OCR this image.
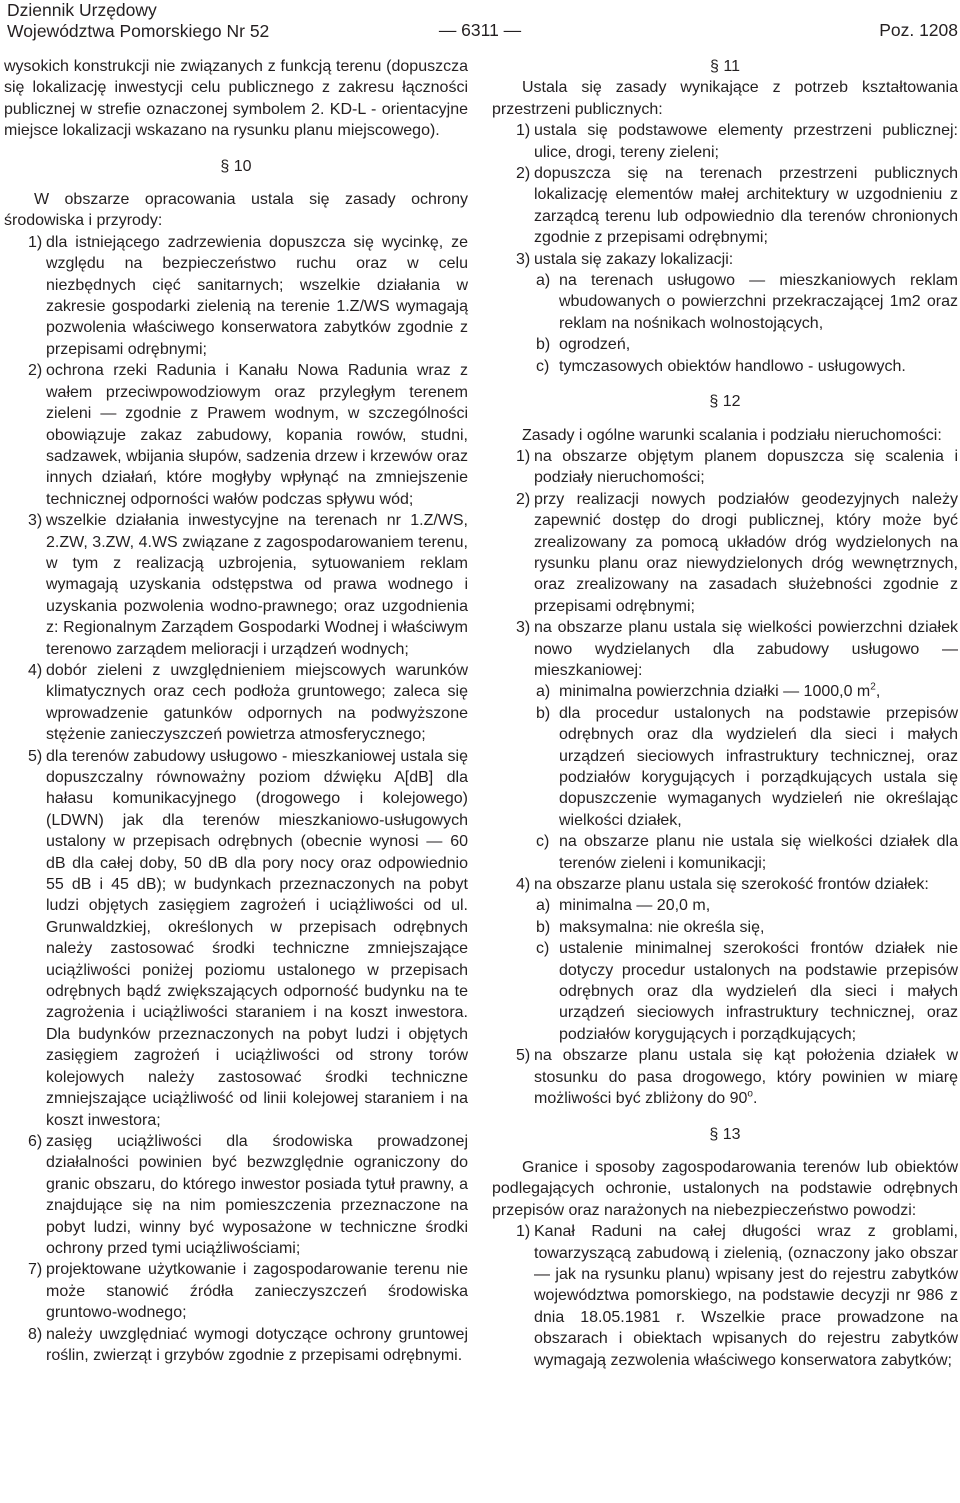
Dziennik Urzędowy
Województwa Pomorskiego Nr 52	— 6311 —	Poz. 1208

wysokich konstrukcji nie związanych z funkcją terenu (dopuszcza się lokalizację inwestycji celu publicznego z zakresu łączności publicznej w strefie oznaczonej symbolem 2. KD-L - orientacyjne miejsce lokalizacji wskazano na rysunku planu miejscowego).

§ 10

W obszarze opracowania ustala się zasady ochrony środowiska i przyrody:

1) dla istniejącego zadrzewienia dopuszcza się wycinkę, ze względu na bezpieczeństwo ruchu oraz w celu niezbędnych cięć sanitarnych; wszelkie działania w zakresie gospodarki zielenią na terenie 1.Z/WS wymagają pozwolenia właściwego konserwatora zabytków zgodnie z przepisami odrębnymi;
2) ochrona rzeki Radunia i Kanału Nowa Radunia wraz z wałem przeciwpowodziowym oraz przyległym terenem zieleni — zgodnie z Prawem wodnym, w szczególności obowiązuje zakaz zabudowy, kopania rowów, studni, sadzawek, wbijania słupów, sadzenia drzew i krzewów oraz innych działań, które mogłyby wpłynąć na zmniejszenie technicznej odporności wałów podczas spływu wód;
3) wszelkie działania inwestycyjne na terenach nr 1.Z/WS, 2.ZW, 3.ZW, 4.WS związane z zagospodarowaniem terenu, w tym z realizacją uzbrojenia, sytuowaniem reklam wymagają uzyskania odstępstwa od prawa wodnego i uzyskania pozwolenia wodno-prawnego; oraz uzgodnienia z: Regionalnym Zarządem Gospodarki Wodnej i właściwym terenowo zarządem melioracji i urządzeń wodnych;
4) dobór zieleni z uwzględnieniem miejscowych warunków klimatycznych oraz cech podłoża gruntowego; zaleca się wprowadzenie gatunków odpornych na podwyższone stężenie zanieczyszczeń powietrza atmosferycznego;
5) dla terenów zabudowy usługowo - mieszkaniowej ustala się dopuszczalny równoważny poziom dźwięku A[dB] dla hałasu komunikacyjnego (drogowego i kolejowego) (LDWN) jak dla terenów mieszkaniowo-usługowych ustalony w przepisach odrębnych (obecnie wynosi — 60 dB dla całej doby, 50 dB dla pory nocy oraz odpowiednio 55 dB i 45 dB); w budynkach przeznaczonych na pobyt ludzi objętych zasięgiem zagrożeń i uciążliwości od ul. Grunwaldzkiej, określonych w przepisach odrębnych należy zastosować środki techniczne zmniejszające uciążliwości poniżej poziomu ustalonego w przepisach odrębnych bądź zwiększających odporność budynku na te zagrożenia i uciążliwości staraniem i na koszt inwestora. Dla budynków przeznaczonych na pobyt ludzi i objętych zasięgiem zagrożeń i uciążliwości od strony torów kolejowych należy zastosować środki techniczne zmniejszające uciążliwość od linii kolejowej staraniem i na koszt inwestora;
6) zasięg uciążliwości dla środowiska prowadzonej działalności powinien być bezwzględnie ograniczony do granic obszaru, do którego inwestor posiada tytuł prawny, a znajdujące się na nim pomieszczenia przeznaczone na pobyt ludzi, winny być wyposażone w techniczne środki ochrony przed tymi uciążliwościami;
7) projektowane użytkowanie i zagospodarowanie terenu nie może stanowić źródła zanieczyszczeń środowiska gruntowo-wodnego;
8) należy uwzględniać wymogi dotyczące ochrony gruntowej roślin, zwierząt i grzybów zgodnie z przepisami odrębnymi.
§ 11

Ustala się zasady wynikające z potrzeb kształtowania przestrzeni publicznych:

1) ustala się podstawowe elementy przestrzeni publicznej: ulice, drogi, tereny zieleni;
2) dopuszcza się na terenach przestrzeni publicznych lokalizację elementów małej architektury w uzgodnieniu z zarządcą terenu lub odpowiednio dla terenów chronionych zgodnie z przepisami odrębnymi;
3) ustala się zakazy lokalizacji:
a) na terenach usługowo — mieszkaniowych reklam wbudowanych o powierzchni przekraczającej 1m2 oraz reklam na nośnikach wolnostojących,
b) ogrodzeń,
c) tymczasowych obiektów handlowo - usługowych.
§ 12

Zasady i ogólne warunki scalania i podziału nieruchomości:

1) na obszarze objętym planem dopuszcza się scalenia i podziały nieruchomości;
2) przy realizacji nowych podziałów geodezyjnych należy zapewnić dostęp do drogi publicznej, który może być zrealizowany za pomocą układów dróg wydzielonych na rysunku planu oraz niewydzielonych dróg wewnętrznych, oraz zrealizowany na zasadach służebności zgodnie z przepisami odrębnymi;
3) na obszarze planu ustala się wielkości powierzchni działek nowo wydzielanych dla zabudowy usługowo — mieszkaniowej:
a) minimalna powierzchnia działki — 1000,0 $m^2$,
b) dla procedur ustalonych na podstawie przepisów odrębnych oraz dla wydzieleń dla sieci i małych urządzeń sieciowych infrastruktury technicznej, oraz podziałów korygujących i porządkujących ustala się dopuszczenie wymaganych wydzieleń nie określając wielkości działek,
c) na obszarze planu nie ustala się wielkości działek dla terenów zieleni i komunikacji;
4) na obszarze planu ustala się szerokość frontów działek:
a) minimalna — 20,0 m,
b) maksymalna: nie określa się,
c) ustalenie minimalnej szerokości frontów działek nie dotyczy procedur ustalonych na podstawie przepisów odrębnych oraz dla wydzieleń dla sieci i małych urządzeń sieciowych infrastruktury technicznej, oraz podziałów korygujących i porządkujących;
5) na obszarze planu ustala się kąt położenia działek w stosunku do pasa drogowego, który powinien w miarę możliwości być zbliżony do 90$^o$.
§ 13

Granice i sposoby zagospodarowania terenów lub obiektów podlegających ochronie, ustalonych na podstawie odrębnych przepisów oraz narażonych na niebezpieczeństwo powodzi:

1) Kanał Raduni na całej długości wraz z groblami, towarzyszącą zabudową i zielenią, (oznaczony jako obszar — jak na rysunku planu) wpisany jest do rejestru zabytków województwa pomorskiego, na podstawie decyzji nr 986 z dnia 18.05.1981 r. Wszelkie prace prowadzone na obszarach i obiektach wpisanych do rejestru zabytków wymagają zezwolenia właściwego konserwatora zabytków;
